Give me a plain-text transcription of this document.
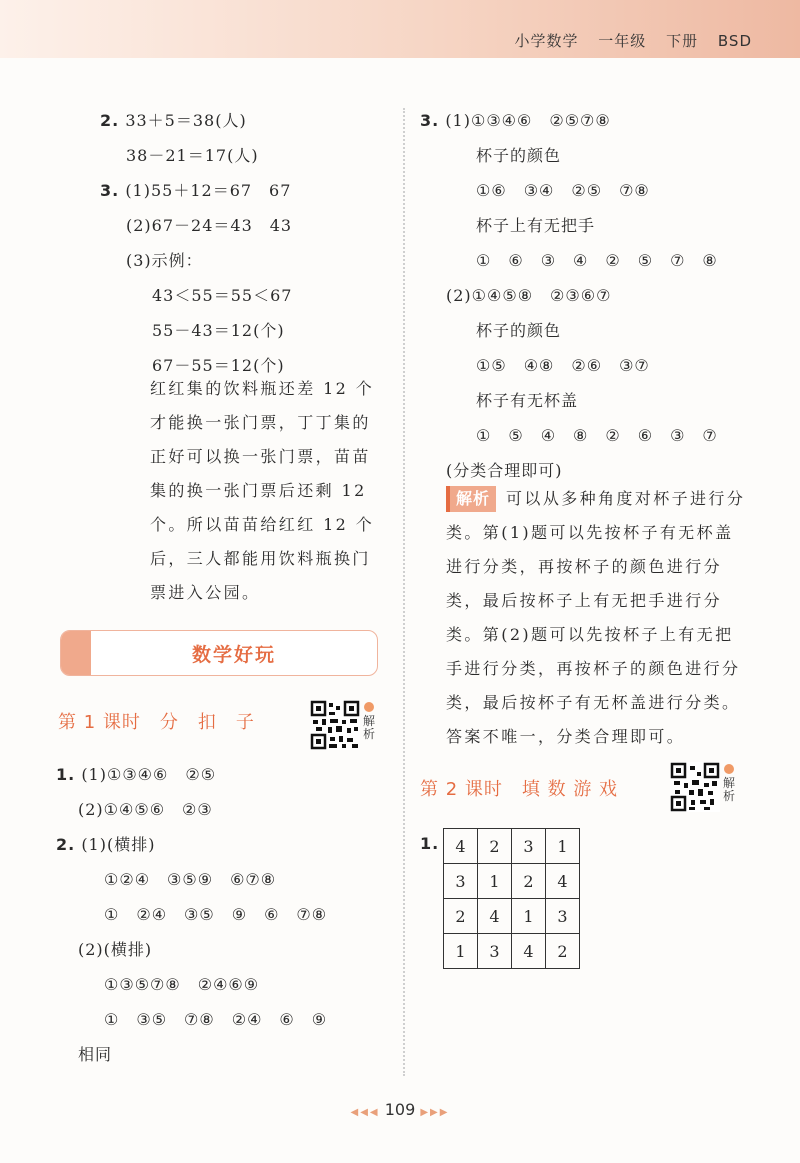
小学数学 一年级 下册 BSD
2. 33＋5＝38(人)
38－21＝17(人)
3. (1)55＋12＝67　67
(2)67－24＝43　43
(3)示例：
43＜55＝55＜67
55－43＝12(个)
67－55＝12(个)
红红集的饮料瓶还差 12 个才能换一张门票，丁丁集的正好可以换一张门票，苗苗集的换一张门票后还剩 12 个。所以苗苗给红红 12 个后，三人都能用饮料瓶换门票进入公园。
数学好玩
第 1 课时　分　扣　子	解析
1. (1)①③④⑥　②⑤
(2)①④⑤⑥　②③
2. (1)(横排)
①②④　③⑤⑨　⑥⑦⑧
①　②④　③⑤　⑨　⑥　⑦⑧
(2)(横排)
①③⑤⑦⑧　②④⑥⑨
①　③⑤　⑦⑧　②④　⑥　⑨
相同
3. (1)①③④⑥　②⑤⑦⑧
杯子的颜色
①⑥　③④　②⑤　⑦⑧
杯子上有无把手
①　⑥　③　④　②　⑤　⑦　⑧
(2)①④⑤⑧　②③⑥⑦
杯子的颜色
①⑤　④⑧　②⑥　③⑦
杯子有无杯盖
①　⑤　④　⑧　②　⑥　③　⑦
(分类合理即可)
解析 可以从多种角度对杯子进行分类。第(1)题可以先按杯子有无杯盖进行分类，再按杯子的颜色进行分类，最后按杯子上有无把手进行分类。第(2)题可以先按杯子上有无把手进行分类，再按杯子的颜色进行分类，最后按杯子有无杯盖进行分类。答案不唯一，分类合理即可。
第 2 课时　填 数 游 戏	解析
1. 4	2	3	1
3	1	2	4
2	4	1	3
1	3	4	2
◀◀◀ 109 ▶▶▶
